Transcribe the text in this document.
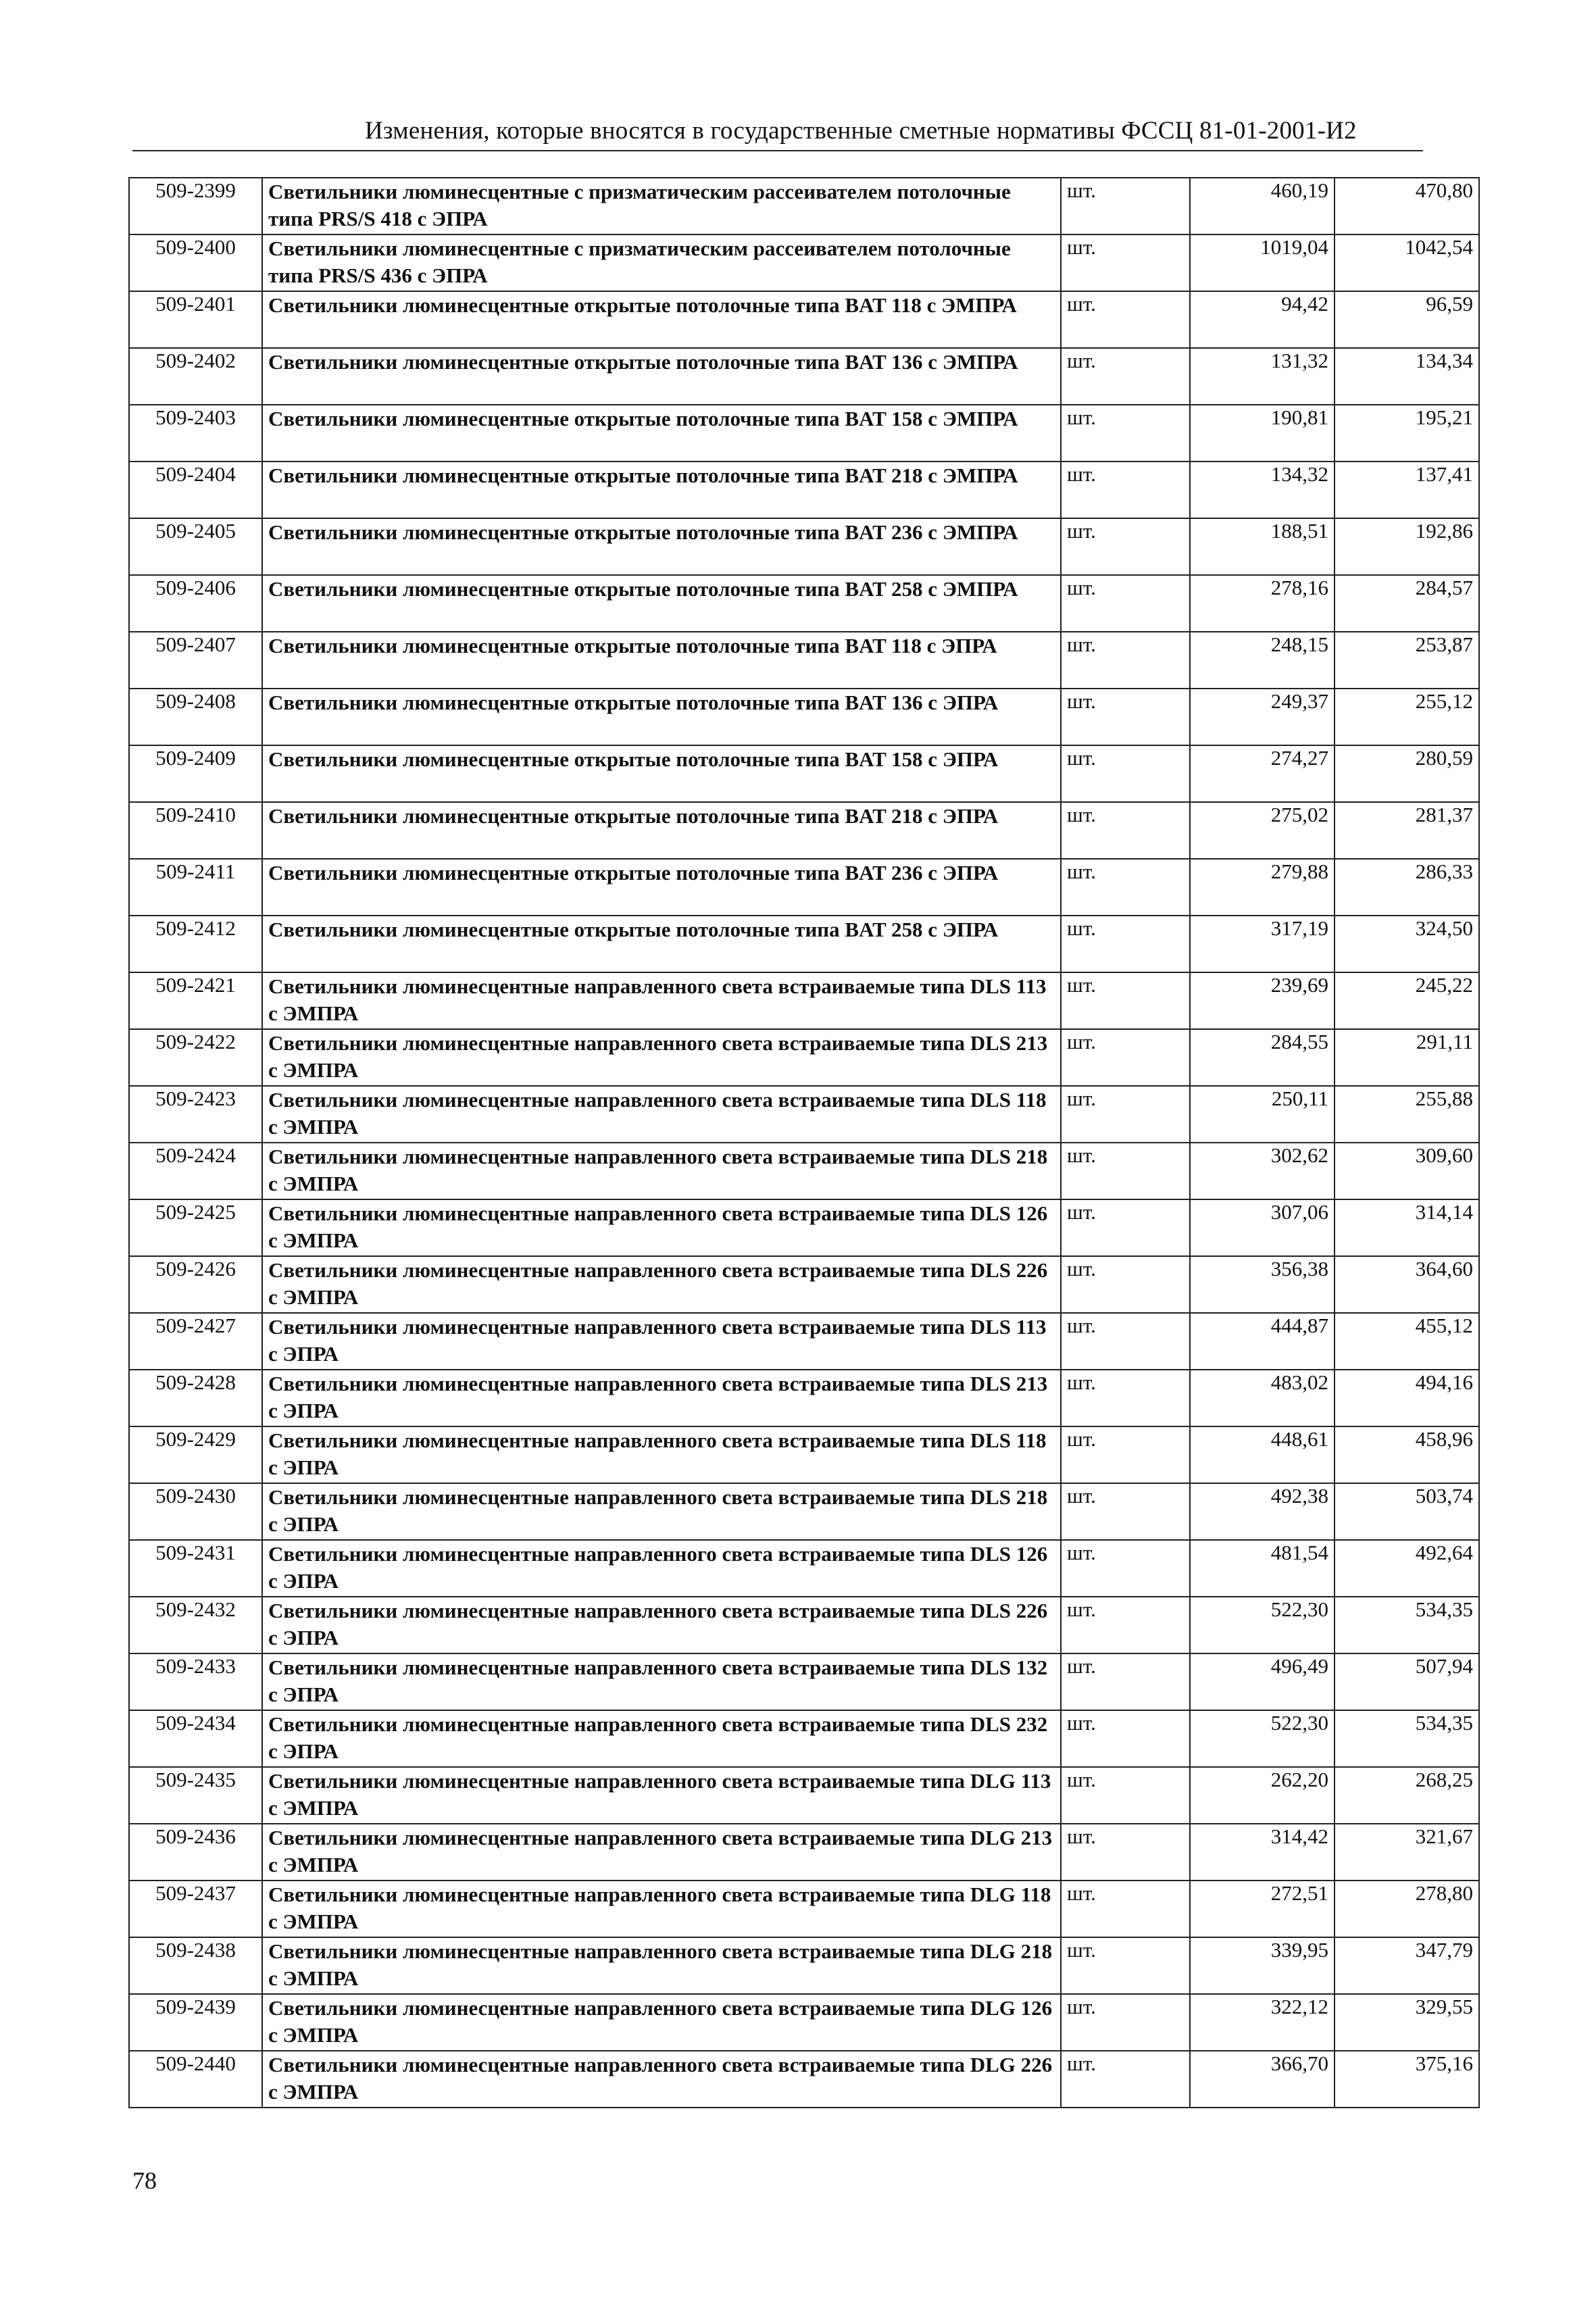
Изменения, которые вносятся в государственные сметные нормативы ФССЦ 81-01-2001-И2
509-2399	Светильники люминесцентные с призматическим рассеивателем потолочные типа PRS/S 418 с ЭПРА	шт.	460,19	470,80
509-2400	Светильники люминесцентные с призматическим рассеивателем потолочные типа PRS/S 436 с ЭПРА	шт.	1019,04	1042,54
509-2401	Светильники люминесцентные открытые потолочные типа BAT 118 с ЭМПРА	шт.	94,42	96,59
509-2402	Светильники люминесцентные открытые потолочные типа BAT 136 с ЭМПРА	шт.	131,32	134,34
509-2403	Светильники люминесцентные открытые потолочные типа BAT 158 с ЭМПРА	шт.	190,81	195,21
509-2404	Светильники люминесцентные открытые потолочные типа BAT 218 с ЭМПРА	шт.	134,32	137,41
509-2405	Светильники люминесцентные открытые потолочные типа BAT 236 с ЭМПРА	шт.	188,51	192,86
509-2406	Светильники люминесцентные открытые потолочные типа BAT 258 с ЭМПРА	шт.	278,16	284,57
509-2407	Светильники люминесцентные открытые потолочные типа BAT 118 с ЭПРА	шт.	248,15	253,87
509-2408	Светильники люминесцентные открытые потолочные типа BAT 136 с ЭПРА	шт.	249,37	255,12
509-2409	Светильники люминесцентные открытые потолочные типа BAT 158 с ЭПРА	шт.	274,27	280,59
509-2410	Светильники люминесцентные открытые потолочные типа BAT 218 с ЭПРА	шт.	275,02	281,37
509-2411	Светильники люминесцентные открытые потолочные типа BAT 236 с ЭПРА	шт.	279,88	286,33
509-2412	Светильники люминесцентные открытые потолочные типа BAT 258 с ЭПРА	шт.	317,19	324,50
509-2421	Светильники люминесцентные направленного света встраиваемые типа DLS 113 с ЭМПРА	шт.	239,69	245,22
509-2422	Светильники люминесцентные направленного света встраиваемые типа DLS 213 с ЭМПРА	шт.	284,55	291,11
509-2423	Светильники люминесцентные направленного света встраиваемые типа DLS 118 с ЭМПРА	шт.	250,11	255,88
509-2424	Светильники люминесцентные направленного света встраиваемые типа DLS 218 с ЭМПРА	шт.	302,62	309,60
509-2425	Светильники люминесцентные направленного света встраиваемые типа DLS 126 с ЭМПРА	шт.	307,06	314,14
509-2426	Светильники люминесцентные направленного света встраиваемые типа DLS 226 с ЭМПРА	шт.	356,38	364,60
509-2427	Светильники люминесцентные направленного света встраиваемые типа DLS 113 с ЭПРА	шт.	444,87	455,12
509-2428	Светильники люминесцентные направленного света встраиваемые типа DLS 213 с ЭПРА	шт.	483,02	494,16
509-2429	Светильники люминесцентные направленного света встраиваемые типа DLS 118 с ЭПРА	шт.	448,61	458,96
509-2430	Светильники люминесцентные направленного света встраиваемые типа DLS 218 с ЭПРА	шт.	492,38	503,74
509-2431	Светильники люминесцентные направленного света встраиваемые типа DLS 126 с ЭПРА	шт.	481,54	492,64
509-2432	Светильники люминесцентные направленного света встраиваемые типа DLS 226 с ЭПРА	шт.	522,30	534,35
509-2433	Светильники люминесцентные направленного света встраиваемые типа DLS 132 с ЭПРА	шт.	496,49	507,94
509-2434	Светильники люминесцентные направленного света встраиваемые типа DLS 232 с ЭПРА	шт.	522,30	534,35
509-2435	Светильники люминесцентные направленного света встраиваемые типа DLG 113 с ЭМПРА	шт.	262,20	268,25
509-2436	Светильники люминесцентные направленного света встраиваемые типа DLG 213 с ЭМПРА	шт.	314,42	321,67
509-2437	Светильники люминесцентные направленного света встраиваемые типа DLG 118 с ЭМПРА	шт.	272,51	278,80
509-2438	Светильники люминесцентные направленного света встраиваемые типа DLG 218 с ЭМПРА	шт.	339,95	347,79
509-2439	Светильники люминесцентные направленного света встраиваемые типа DLG 126 с ЭМПРА	шт.	322,12	329,55
509-2440	Светильники люминесцентные направленного света встраиваемые типа DLG 226 с ЭМПРА	шт.	366,70	375,16
78
